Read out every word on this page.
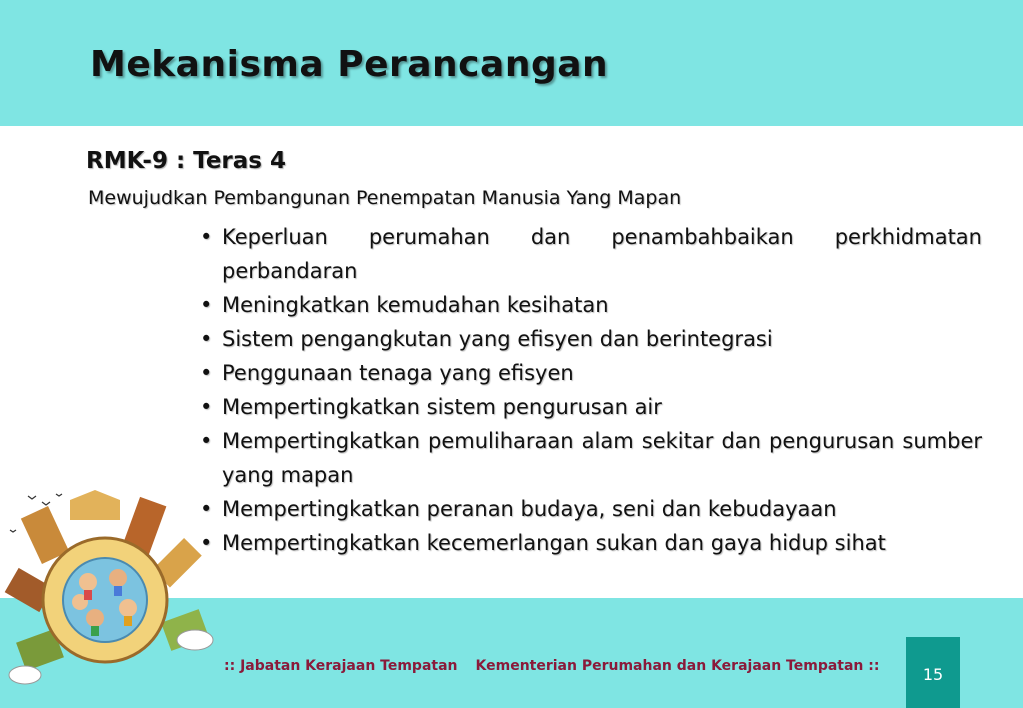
Mekanisma Perancangan
RMK-9 : Teras 4
Mewujudkan Pembangunan Penempatan Manusia Yang Mapan
• Keperluan perumahan dan penambahbaikan perkhidmatan perbandaran
• Meningkatkan kemudahan kesihatan
• Sistem pengangkutan yang efisyen dan berintegrasi
• Penggunaan tenaga yang efisyen
• Mempertingkatkan sistem pengurusan air
• Mempertingkatkan pemuliharaan alam sekitar dan pengurusan sumber yang mapan
• Mempertingkatkan peranan budaya, seni dan kebudayaan
• Mempertingkatkan kecemerlangan sukan dan gaya hidup sihat
:: Jabatan Kerajaan Tempatan Kementerian Perumahan dan Kerajaan Tempatan ::	15
